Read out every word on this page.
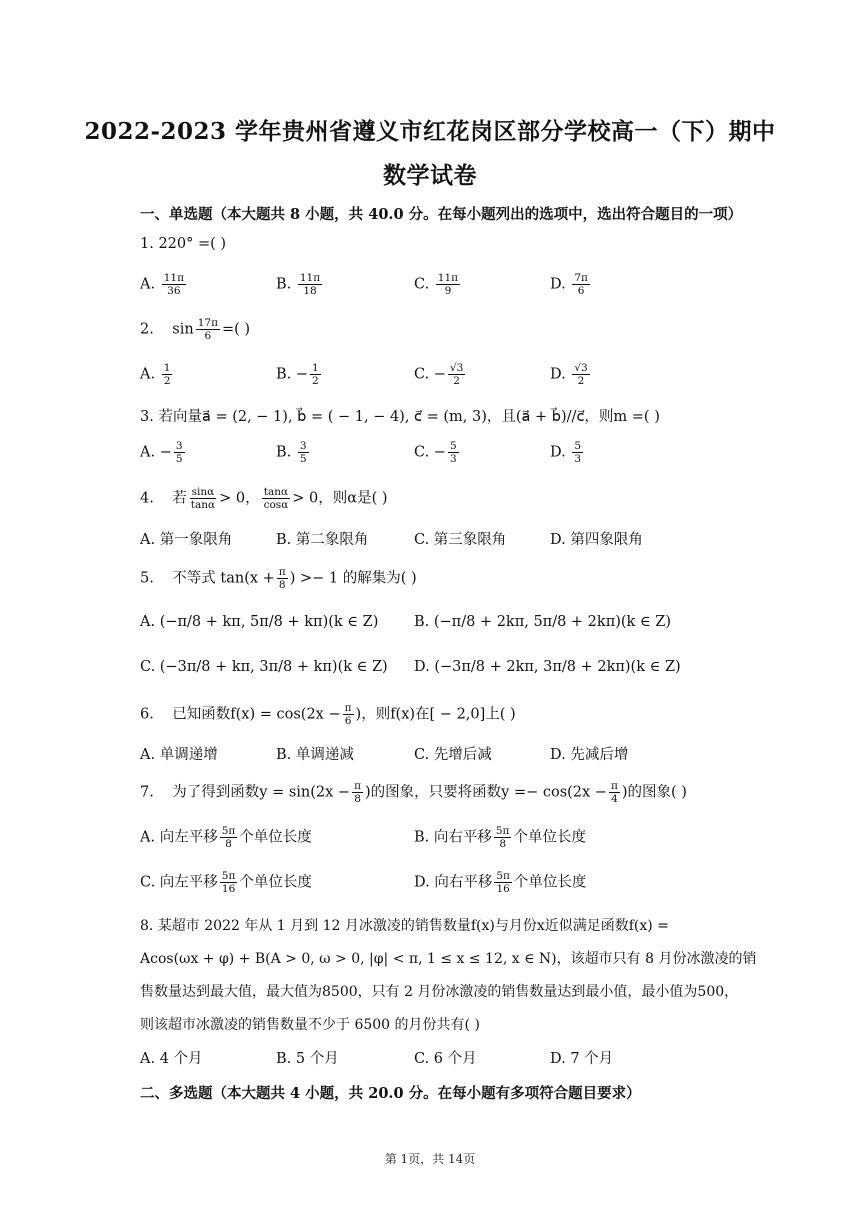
2022-2023 学年贵州省遵义市红花岗区部分学校高一（下）期中
数学试卷
一、单选题（本大题共 8 小题，共 40.0 分。在每小题列出的选项中，选出符合题目的一项）
1. 220° =( )
A. $\frac{11\pi}{36}$	B. $\frac{11\pi}{18}$	C. $\frac{11\pi}{9}$	D. $\frac{7\pi}{6}$
2. $\sin \frac{17\pi}{6}$ =( )
A. $\frac{1}{2}$	B. − $\frac{1}{2}$	C. − $\frac{√3}{2}$	D. $\frac{√3}{2}$
3. 若向量a⃗ = (2, − 1), b⃗ = ( − 1, − 4), c⃗ = (m, 3)，且(a⃗ + b⃗)//c⃗，则m =( )
A. − $\frac{3}{5}$	B. $\frac{3}{5}$	C. − $\frac{5}{3}$	D. $\frac{5}{3}$
4. 若 $\frac{\sin\alpha}{\tan\alpha} > 0$， $\frac{\tan\alpha}{\cos\alpha} > 0$，则α是( )
A. 第一象限角	B. 第二象限角	C. 第三象限角	D. 第四象限角
5. 不等式 $\tan(x + \frac{\pi}{8}$ ) >− 1 的解集为( )
A. (−π/8 + kπ, 5π/8 + kπ)(k ∈ Z) B. (−π/8 + 2kπ, 5π/8 + 2kπ)(k ∈ Z)
C. (−3π/8 + kπ, 3π/8 + kπ)(k ∈ Z) D. (−3π/8 + 2kπ, 3π/8 + 2kπ)(k ∈ Z)
6. 已知函数$f(x) = \cos(2x - \frac{\pi}{6}$ )，则f(x)在[ − 2,0]上( )
A. 单调递增	B. 单调递减	C. 先增后减	D. 先减后增
7. 为了得到函数$y = \sin(2x - \frac{\pi}{8}$ )的图象，只要将函数$y =- \cos(2x - \frac{\pi}{4}$ )的图象( )
A. 向左平移 $\frac{5\pi}{8}$ 个单位长度	B. 向右平移 $\frac{5\pi}{8}$ 个单位长度
C. 向左平移 $\frac{5\pi}{16}$ 个单位长度	D. 向右平移 $\frac{5\pi}{16}$ 个单位长度
8. 某超市 2022 年从 1 月到 12 月冰激凌的销售数量f(x)与月份x近似满足函数f(x) =
Acos(ωx + φ) + B(A > 0, ω > 0, |φ| < π, 1 ≤ x ≤ 12, x ∈ N)，该超市只有 8 月份冰激凌的销
售数量达到最大值，最大值为8500，只有 2 月份冰激凌的销售数量达到最小值，最小值为500，
则该超市冰激凌的销售数量不少于 6500 的月份共有( )
A. 4 个月	B. 5 个月	C. 6 个月	D. 7 个月
二、多选题（本大题共 4 小题，共 20.0 分。在每小题有多项符合题目要求）
第 1页，共 14页
